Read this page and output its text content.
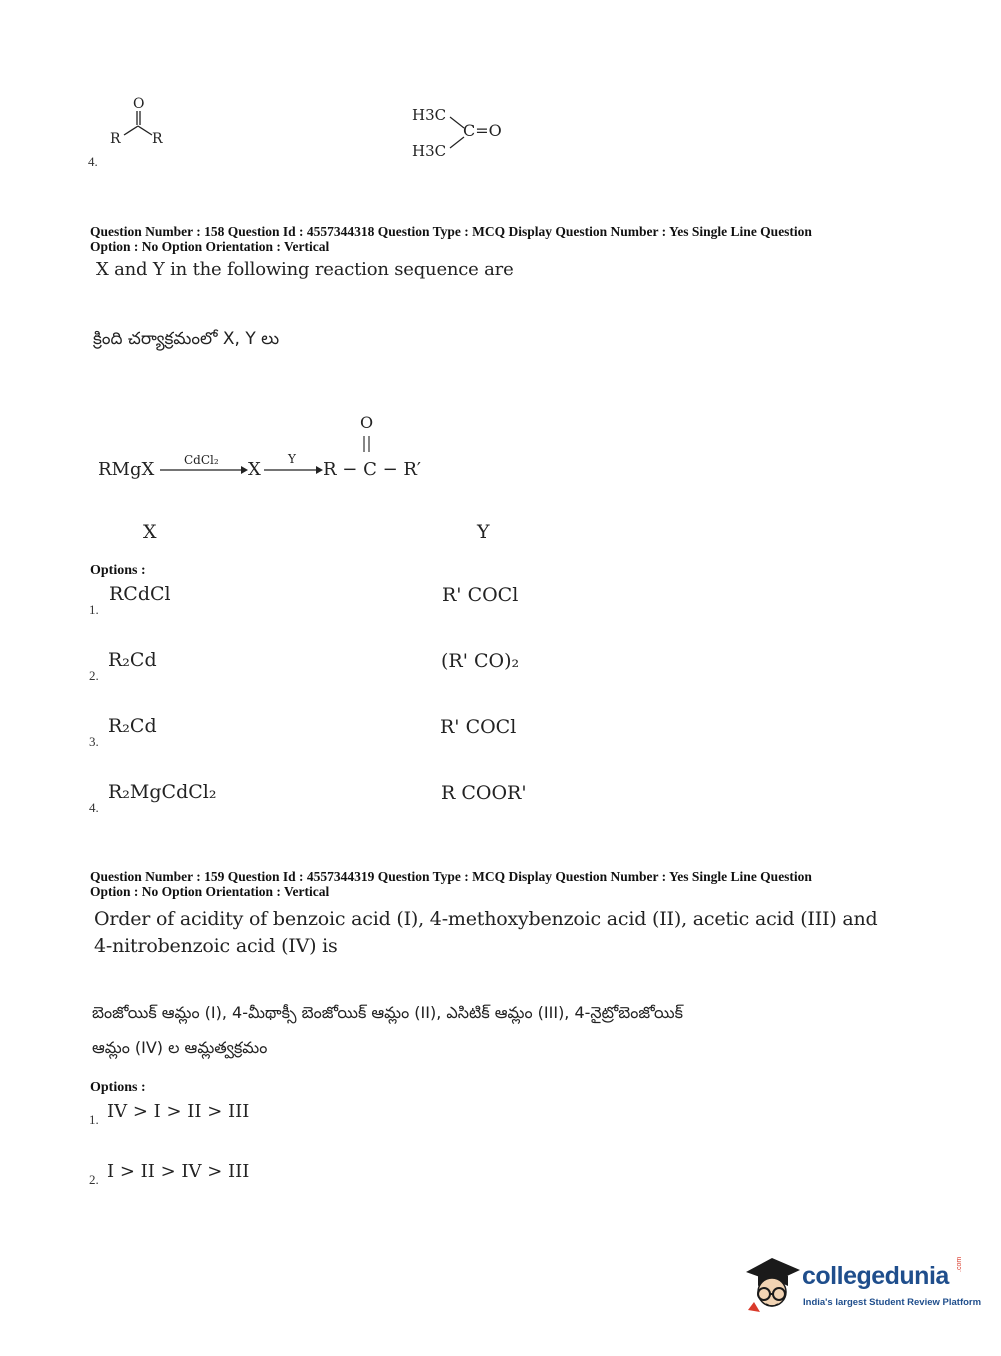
4.
O
R R
H3C
H3C
C=O
Question Number : 158 Question Id : 4557344318 Question Type : MCQ Display Question Number : Yes Single Line Question
Option : No Option Orientation : Vertical
X and Y in the following reaction sequence are
క్రింది చర్యాక్రమంలో X, Y లు
RMgX CdCl₂ X Y R − C − R′
O
X	Y
Options :
1.
RCdCl	R' COCl
2.
R₂Cd	(R' CO)₂
3.
R₂Cd	R' COCl
4.
R₂MgCdCl₂	R COOR'
Question Number : 159 Question Id : 4557344319 Question Type : MCQ Display Question Number : Yes Single Line Question
Option : No Option Orientation : Vertical
Order of acidity of benzoic acid (I), 4-methoxybenzoic acid (II), acetic acid (III) and
4-nitrobenzoic acid (IV) is
బెంజోయిక్ ఆమ్లం (I), 4-మీథాక్సీ బెంజోయిక్ ఆమ్లం (II), ఎసిటిక్ ఆమ్లం (III), 4-నైట్రోబెంజోయిక్
ఆమ్లం (IV) ల ఆమ్లత్వక్రమం
Options :
1. IV > I > II > III
2. I > II > IV > III
collegedunia .com
India's largest Student Review Platform
